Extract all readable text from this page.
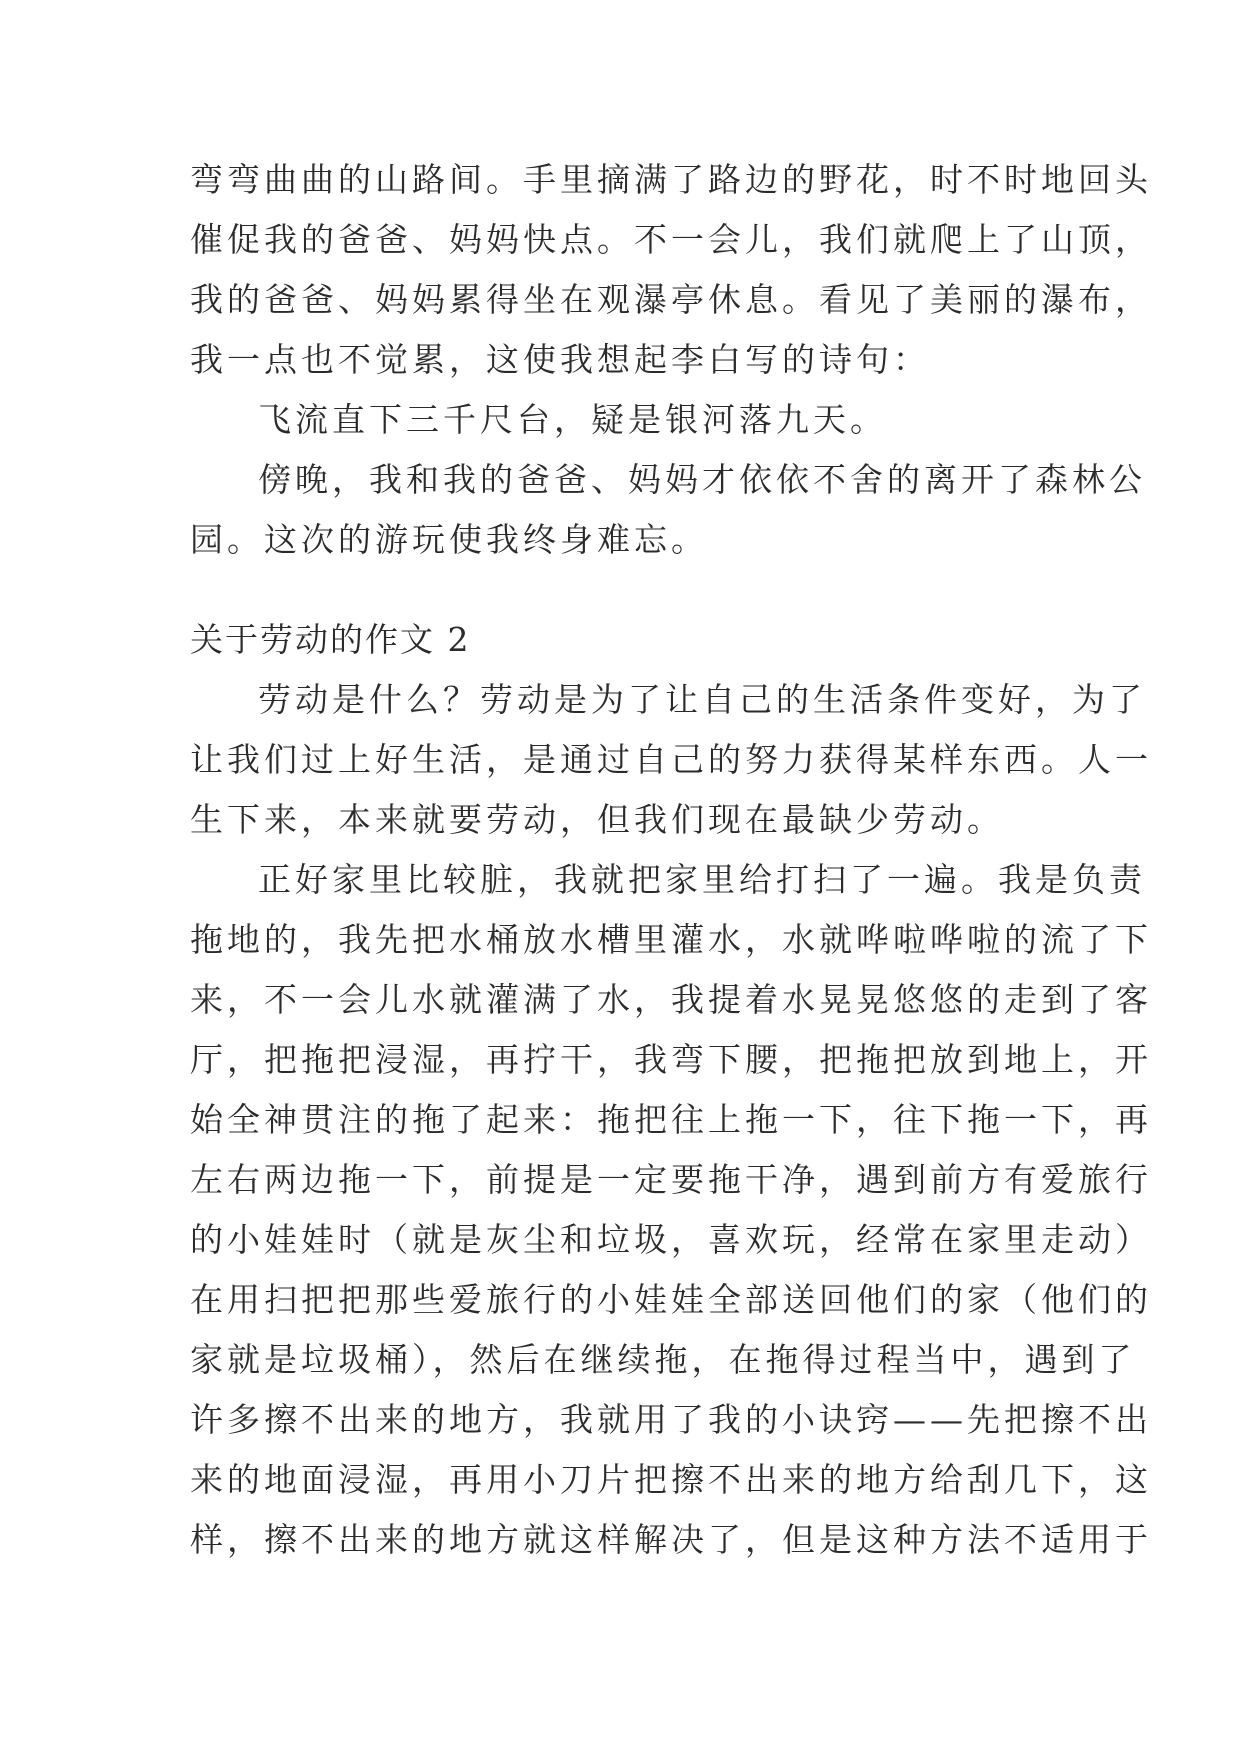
弯弯曲曲的山路间。手里摘满了路边的野花，时不时地回头
催促我的爸爸、妈妈快点。不一会儿，我们就爬上了山顶，
我的爸爸、妈妈累得坐在观瀑亭休息。看见了美丽的瀑布，
我一点也不觉累，这使我想起李白写的诗句：
飞流直下三千尺台，疑是银河落九天。
傍晚，我和我的爸爸、妈妈才依依不舍的离开了森林公
园。这次的游玩使我终身难忘。
关于劳动的作文 2
劳动是什么？劳动是为了让自己的生活条件变好，为了
让我们过上好生活，是通过自己的努力获得某样东西。人一
生下来，本来就要劳动，但我们现在最缺少劳动。
正好家里比较脏，我就把家里给打扫了一遍。我是负责
拖地的，我先把水桶放水槽里灌水，水就哗啦哗啦的流了下
来，不一会儿水就灌满了水，我提着水晃晃悠悠的走到了客
厅，把拖把浸湿，再拧干，我弯下腰，把拖把放到地上，开
始全神贯注的拖了起来：拖把往上拖一下，往下拖一下，再
左右两边拖一下，前提是一定要拖干净，遇到前方有爱旅行
的小娃娃时（就是灰尘和垃圾，喜欢玩，经常在家里走动）
在用扫把把那些爱旅行的小娃娃全部送回他们的家（他们的
家就是垃圾桶），然后在继续拖，在拖得过程当中，遇到了
许多擦不出来的地方，我就用了我的小诀窍——先把擦不出
来的地面浸湿，再用小刀片把擦不出来的地方给刮几下，这
样，擦不出来的地方就这样解决了，但是这种方法不适用于
